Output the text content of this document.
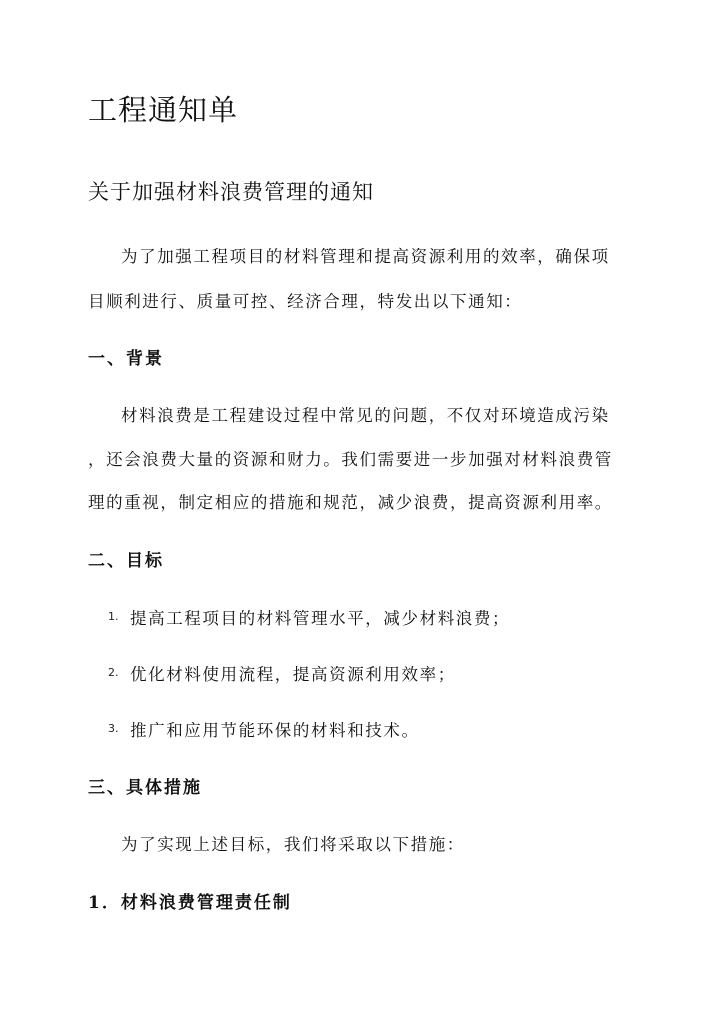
工程通知单
关于加强材料浪费管理的通知

为了加强工程项目的材料管理和提高资源利用的效率，确保项

目顺利进行、质量可控、经济合理，特发出以下通知：

一、背景

材料浪费是工程建设过程中常见的问题，不仅对环境造成污染

，还会浪费大量的资源和财力。我们需要进一步加强对材料浪费管

理的重视，制定相应的措施和规范，减少浪费，提高资源利用率。

二、目标
1. 提高工程项目的材料管理水平，减少材料浪费；
2. 优化材料使用流程，提高资源利用效率；
3. 推广和应用节能环保的材料和技术。
三、具体措施

为了实现上述目标，我们将采取以下措施：

1．材料浪费管理责任制
